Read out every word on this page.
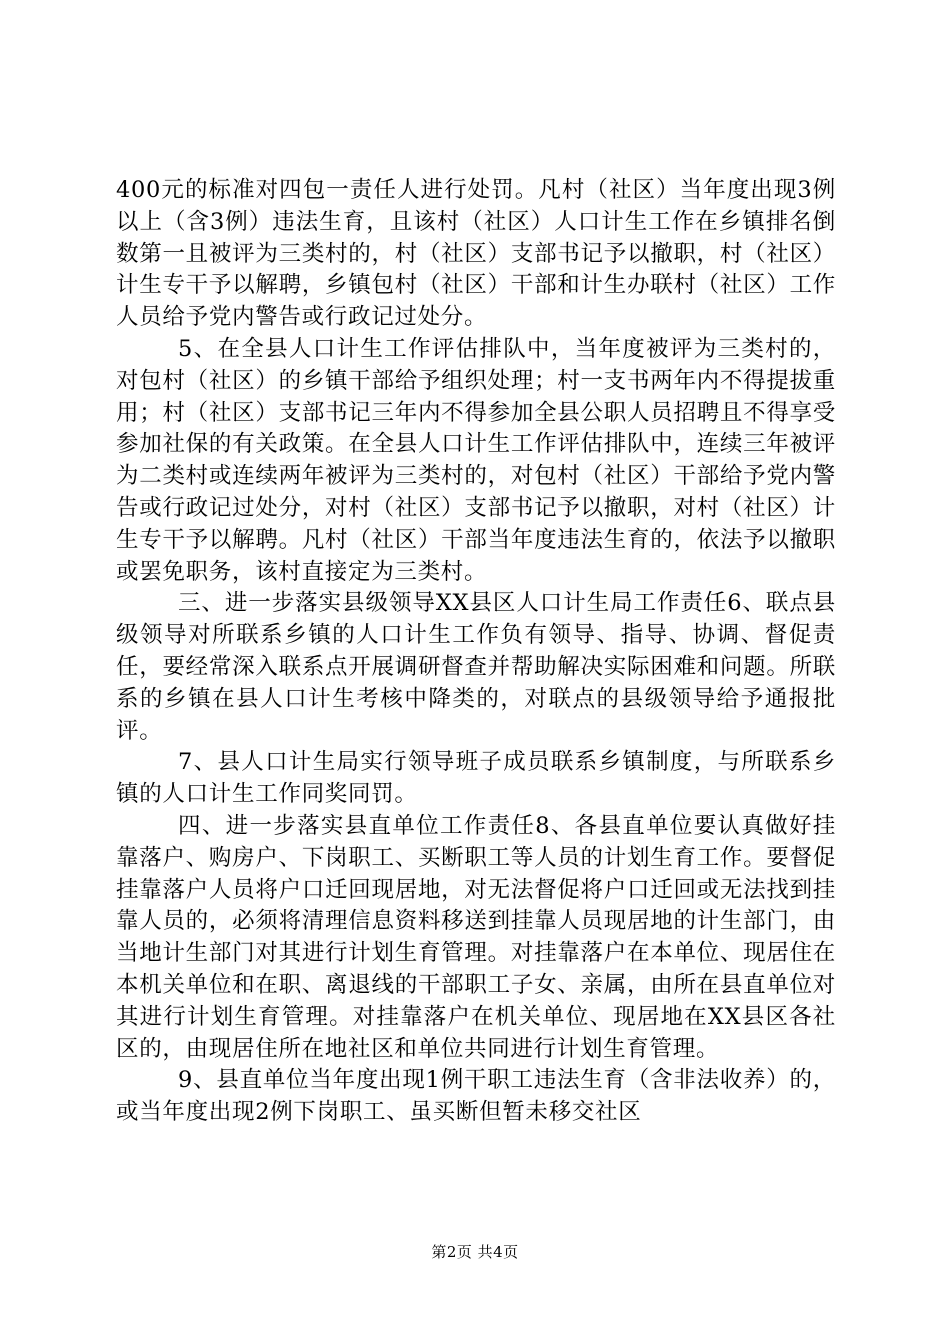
400元的标准对四包一责任人进行处罚。凡村（社区）当年度出现3例以上（含3例）违法生育，且该村（社区）人口计生工作在乡镇排名倒数第一且被评为三类村的，村（社区）支部书记予以撤职，村（社区）计生专干予以解聘，乡镇包村（社区）干部和计生办联村（社区）工作人员给予党内警告或行政记过处分。

5、在全县人口计生工作评估排队中，当年度被评为三类村的，对包村（社区）的乡镇干部给予组织处理；村一支书两年内不得提拔重用；村（社区）支部书记三年内不得参加全县公职人员招聘且不得享受参加社保的有关政策。在全县人口计生工作评估排队中，连续三年被评为二类村或连续两年被评为三类村的，对包村（社区）干部给予党内警告或行政记过处分，对村（社区）支部书记予以撤职，对村（社区）计生专干予以解聘。凡村（社区）干部当年度违法生育的，依法予以撤职或罢免职务，该村直接定为三类村。

三、进一步落实县级领导XX县区人口计生局工作责任6、联点县级领导对所联系乡镇的人口计生工作负有领导、指导、协调、督促责任，要经常深入联系点开展调研督查并帮助解决实际困难和问题。所联系的乡镇在县人口计生考核中降类的，对联点的县级领导给予通报批评。

7、县人口计生局实行领导班子成员联系乡镇制度，与所联系乡镇的人口计生工作同奖同罚。

四、进一步落实县直单位工作责任8、各县直单位要认真做好挂靠落户、购房户、下岗职工、买断职工等人员的计划生育工作。要督促挂靠落户人员将户口迁回现居地，对无法督促将户口迁回或无法找到挂靠人员的，必须将清理信息资料移送到挂靠人员现居地的计生部门，由当地计生部门对其进行计划生育管理。对挂靠落户在本单位、现居住在本机关单位和在职、离退线的干部职工子女、亲属，由所在县直单位对其进行计划生育管理。对挂靠落户在机关单位、现居地在XX县区各社区的，由现居住所在地社区和单位共同进行计划生育管理。

9、县直单位当年度出现1例干职工违法生育（含非法收养）的，或当年度出现2例下岗职工、虽买断但暂未移交社区

第2页 共4页
